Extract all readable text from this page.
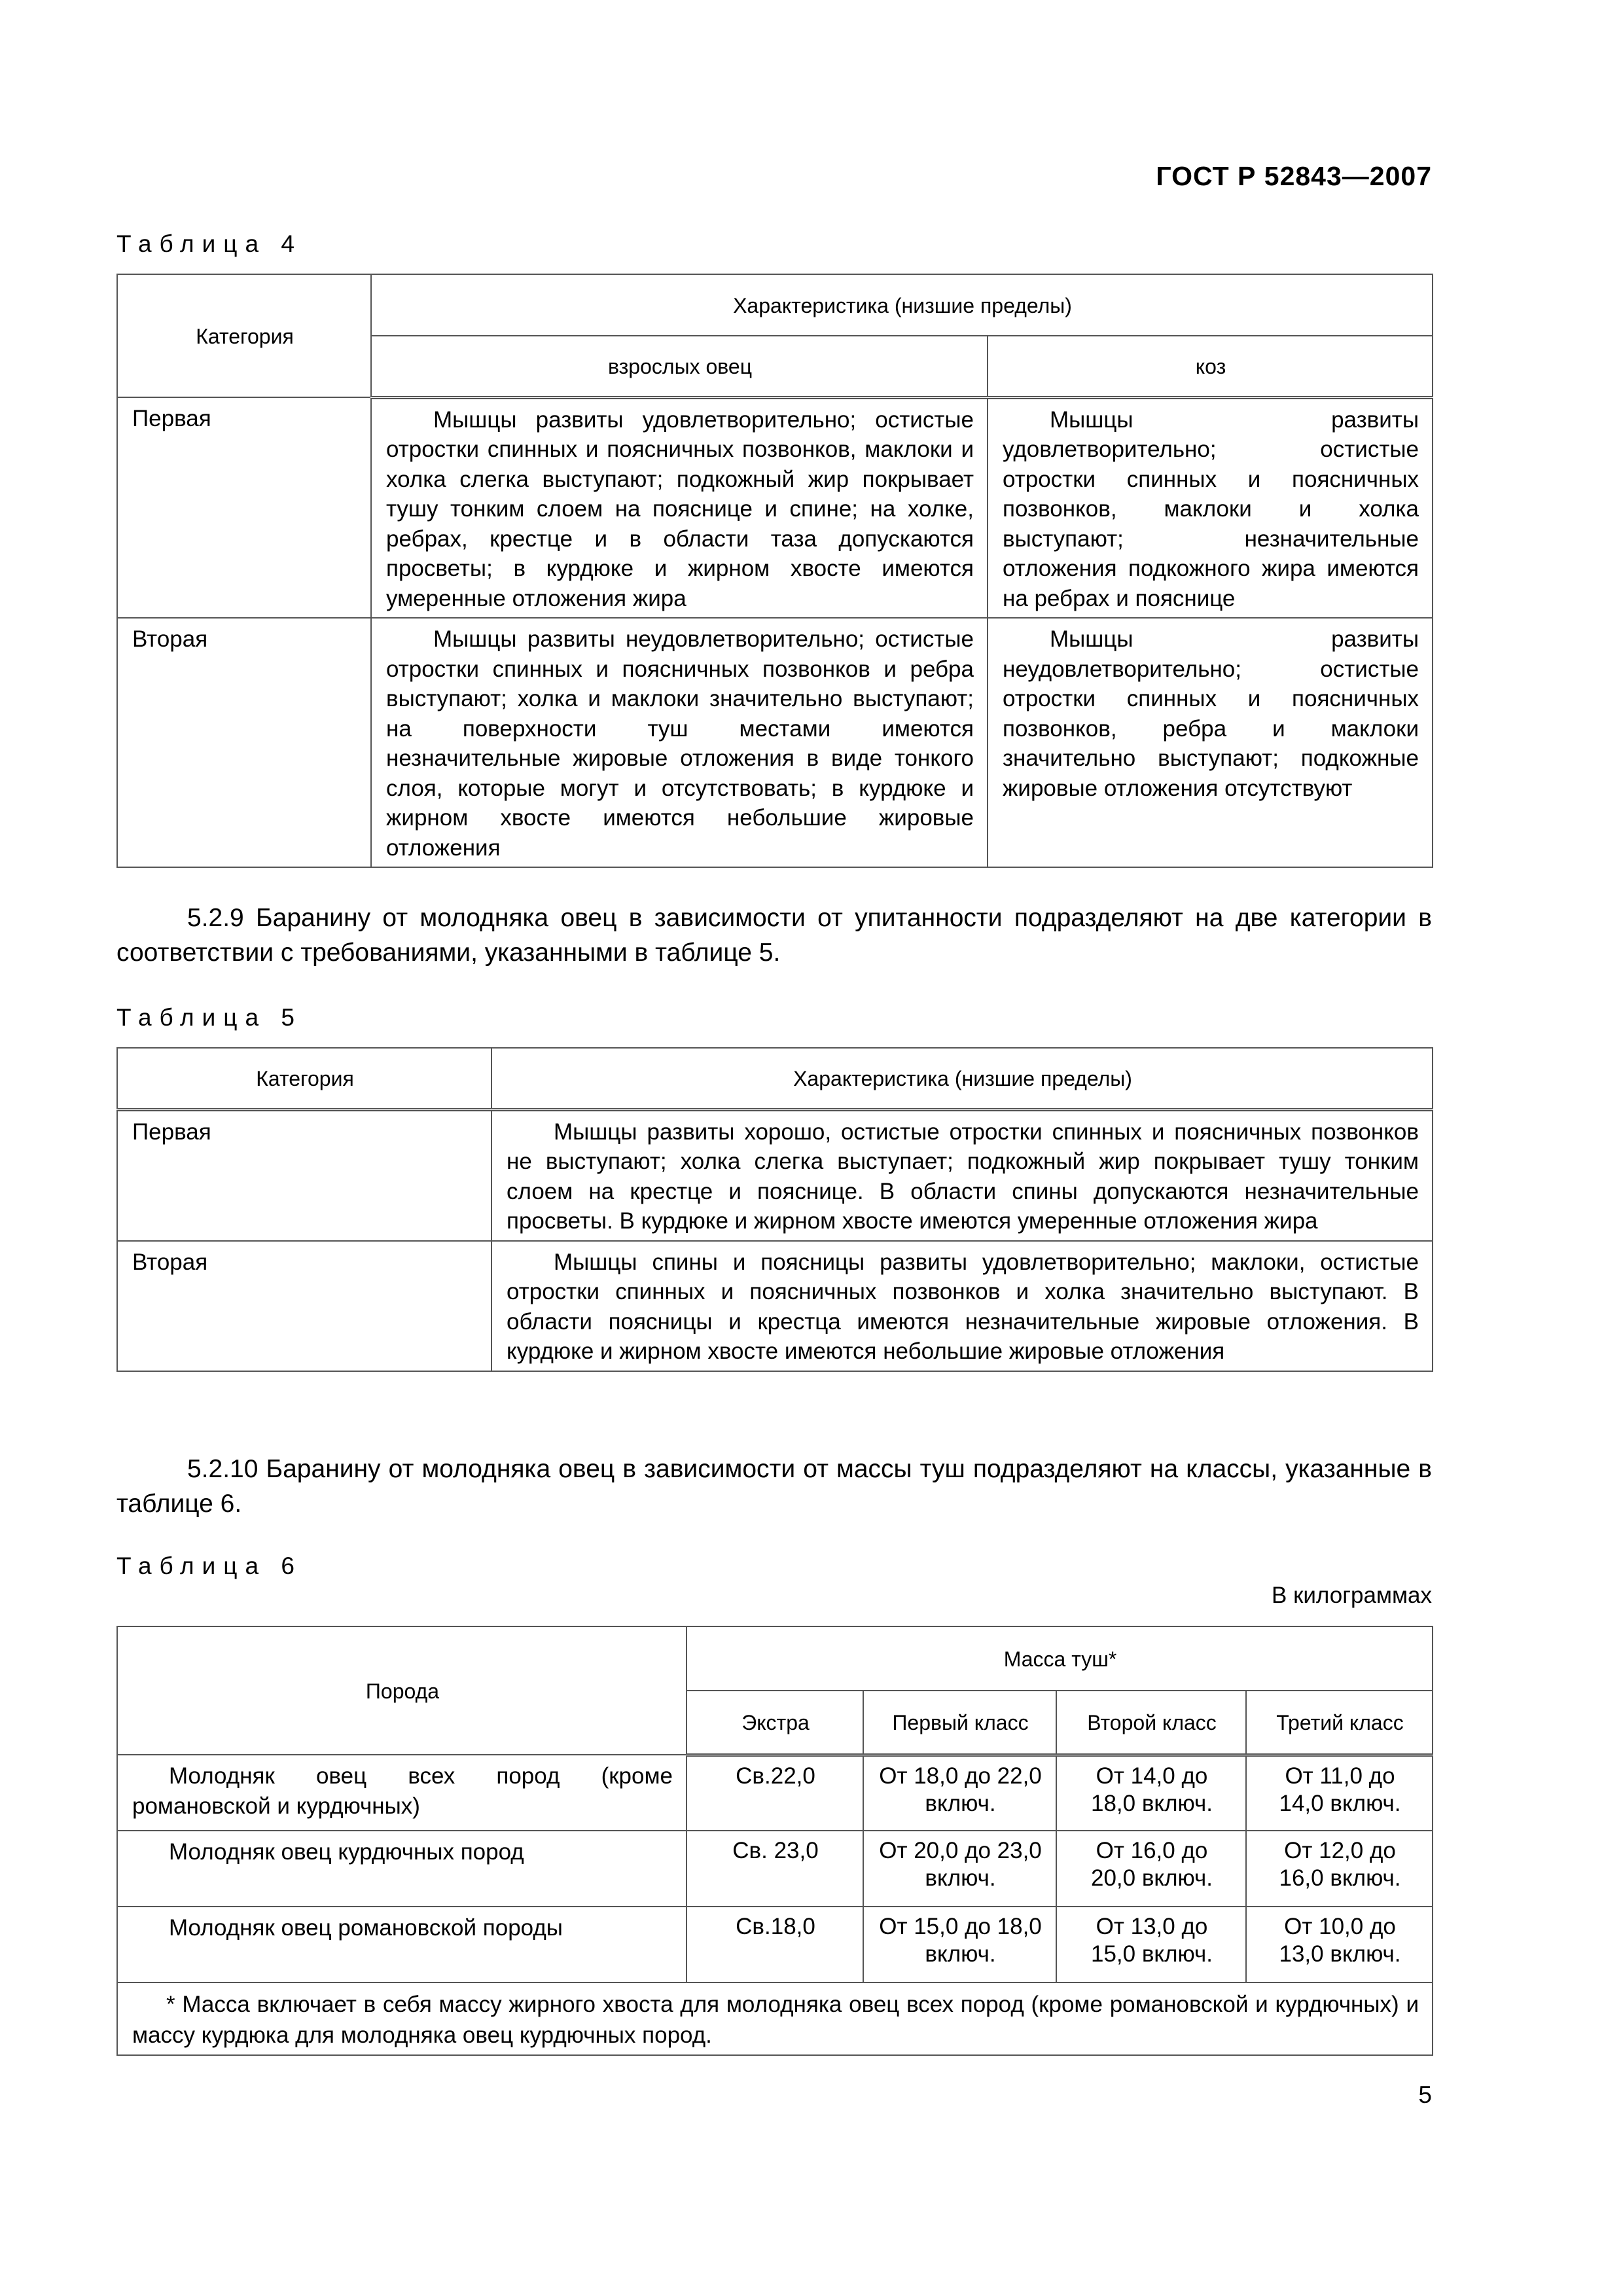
ГОСТ Р 52843—2007
Таблица 4
Категория	Характеристика (низшие пределы)	
	взрослых овец	коз
Первая	Мышцы развиты удовлетворительно; остистые отростки спинных и поясничных позвонков, маклоки и холка слегка выступают; подкожный жир покрывает тушу тонким слоем на пояснице и спине; на холке, ребрах, крестце и в области таза допускаются просветы; в курдюке и жирном хвосте имеются умеренные отложения жира	Мышцы развиты удовлетворительно; остистые отростки спинных и поясничных позвонков, маклоки и холка выступают; незначительные отложения подкожного жира имеются на ребрах и пояснице
Вторая	Мышцы развиты неудовлетворительно; остистые отростки спинных и поясничных позвонков и ребра выступают; холка и маклоки значительно выступают; на поверхности туш местами имеются незначительные жировые отложения в виде тонкого слоя, которые могут и отсутствовать; в курдюке и жирном хвосте имеются небольшие жировые отложения	Мышцы развиты неудовлетворительно; остистые отростки спинных и поясничных позвонков, ребра и маклоки значительно выступают; подкожные жировые отложения отсутствуют

5.2.9 Баранину от молодняка овец в зависимости от упитанности подразделяют на две категории в соответствии с требованиями, указанными в таблице 5.

Таблица 5
Категория	Характеристика (низшие пределы)
Первая	Мышцы развиты хорошо, остистые отростки спинных и поясничных позвонков не выступают; холка слегка выступает; подкожный жир покрывает тушу тонким слоем на крестце и пояснице. В области спины допускаются незначительные просветы. В курдюке и жирном хвосте имеются умеренные отложения жира
Вторая	Мышцы спины и поясницы развиты удовлетворительно; маклоки, остистые отростки спинных и поясничных позвонков и холка значительно выступают. В области поясницы и крестца имеются незначительные жировые отложения. В курдюке и жирном хвосте имеются небольшие жировые отложения

5.2.10 Баранину от молодняка овец в зависимости от массы туш подразделяют на классы, указанные в таблице 6.

Таблица 6
В килограммах
Порода	Масса туш*			
	Экстра	Первый класс	Второй класс	Третий класс
Молодняк овец всех пород (кроме романовской и курдючных)	Св.22,0	От 18,0 до 22,0 включ.	От 14,0 до 18,0 включ.	От 11,0 до 14,0 включ.
Молодняк овец курдючных пород	Св. 23,0	От 20,0 до 23,0 включ.	От 16,0 до 20,0 включ.	От 12,0 до 16,0 включ.
Молодняк овец романовской породы	Св.18,0	От 15,0 до 18,0 включ.	От 13,0 до 15,0 включ.	От 10,0 до 13,0 включ.
* Масса включает в себя массу жирного хвоста для молодняка овец всех пород (кроме романовской и курдючных) и массу курдюка для молодняка овец курдючных пород.				
5
